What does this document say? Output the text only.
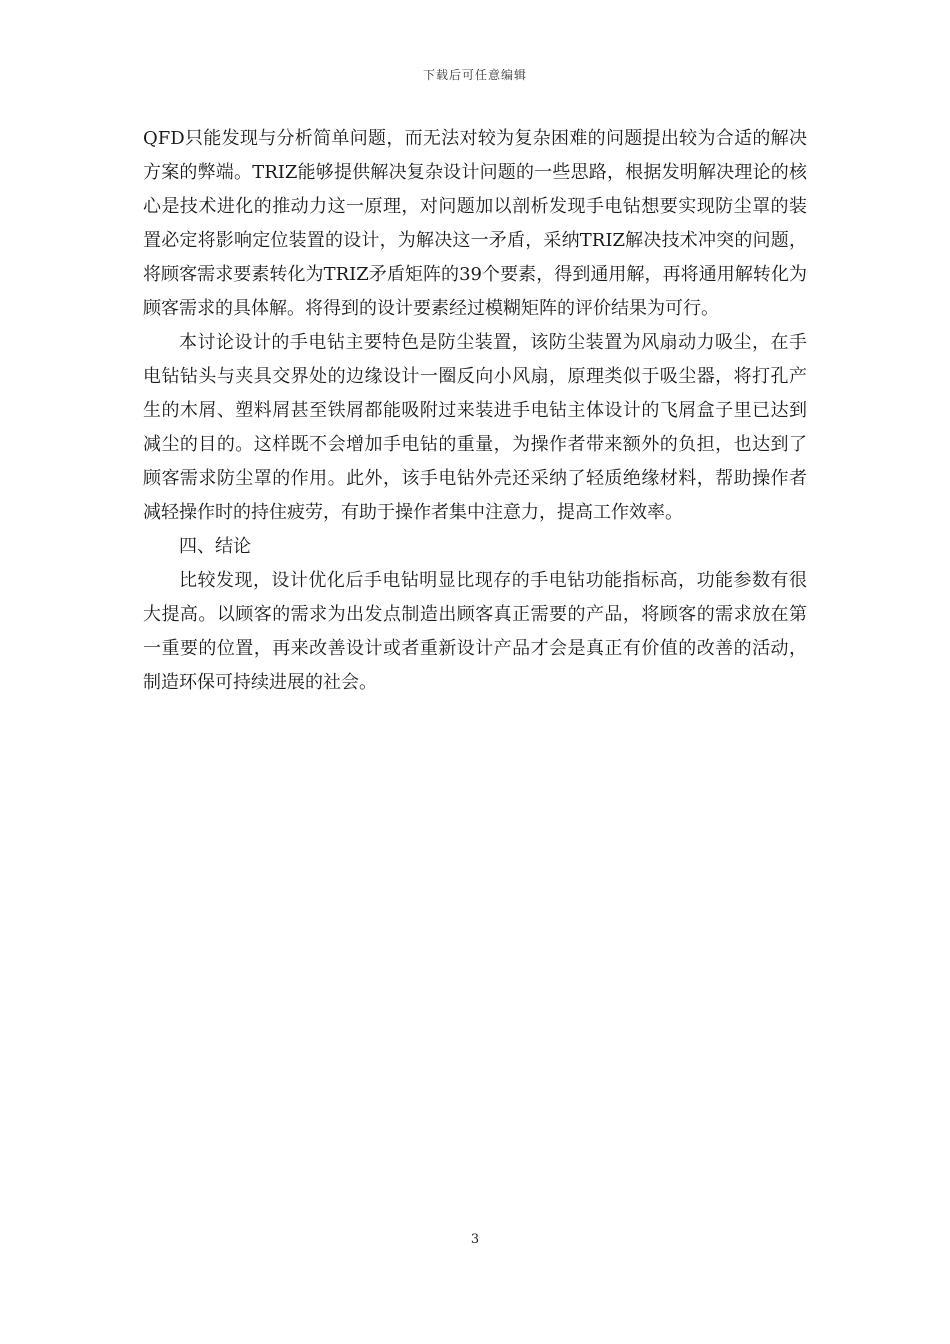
下载后可任意编辑

QFD只能发现与分析简单问题，而无法对较为复杂困难的问题提出较为合适的解决方案的弊端。TRIZ能够提供解决复杂设计问题的一些思路，根据发明解决理论的核心是技术进化的推动力这一原理，对问题加以剖析发现手电钻想要实现防尘罩的装置必定将影响定位装置的设计，为解决这一矛盾，采纳TRIZ解决技术冲突的问题，将顾客需求要素转化为TRIZ矛盾矩阵的39个要素，得到通用解，再将通用解转化为顾客需求的具体解。将得到的设计要素经过模糊矩阵的评价结果为可行。

本讨论设计的手电钻主要特色是防尘装置，该防尘装置为风扇动力吸尘，在手电钻钻头与夹具交界处的边缘设计一圈反向小风扇，原理类似于吸尘器，将打孔产生的木屑、塑料屑甚至铁屑都能吸附过来装进手电钻主体设计的飞屑盒子里已达到减尘的目的。这样既不会增加手电钻的重量，为操作者带来额外的负担，也达到了顾客需求防尘罩的作用。此外，该手电钻外壳还采纳了轻质绝缘材料，帮助操作者减轻操作时的持住疲劳，有助于操作者集中注意力，提高工作效率。

四、结论

比较发现，设计优化后手电钻明显比现存的手电钻功能指标高，功能参数有很大提高。以顾客的需求为出发点制造出顾客真正需要的产品，将顾客的需求放在第一重要的位置，再来改善设计或者重新设计产品才会是真正有价值的改善的活动，制造环保可持续进展的社会。

3
